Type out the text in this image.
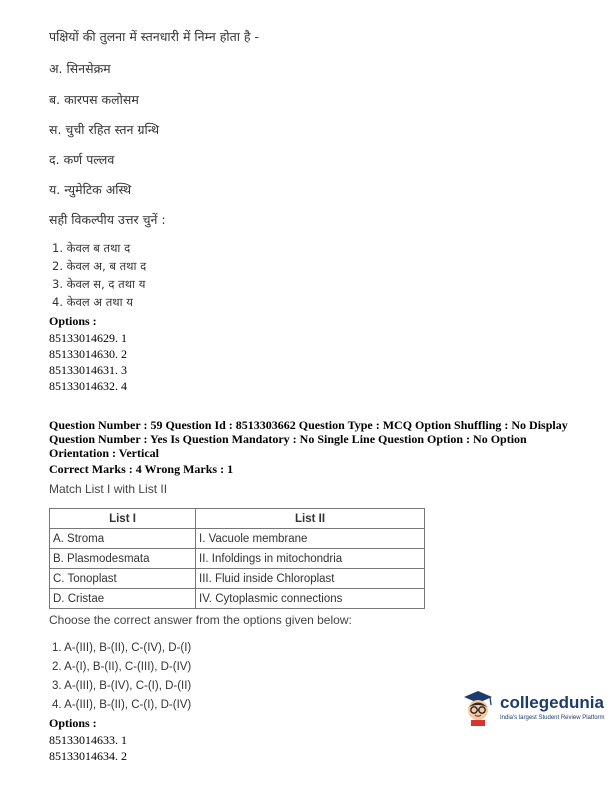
पक्षियों की तुलना में स्तनधारी में निम्न होता है -
अ. सिनसेक्रम
ब. कारपस कलोसम
स. चुची रहित स्तन ग्रन्थि
द. कर्ण पल्लव
य. न्युमेटिक अस्थि
सही विकल्पीय उत्तर चुनें :
1. केवल ब तथा द
2. केवल अ, ब तथा द
3. केवल स, द तथा य
4. केवल अ तथा य
Options :
85133014629. 1
85133014630. 2
85133014631. 3
85133014632. 4
Question Number : 59 Question Id : 8513303662 Question Type : MCQ Option Shuffling : No Display Question Number : Yes Is Question Mandatory : No Single Line Question Option : No Option Orientation : Vertical
Correct Marks : 4 Wrong Marks : 1
Match List I with List II
List I	List II
A. Stroma	I. Vacuole membrane
B. Plasmodesmata	II. Infoldings in mitochondria
C. Tonoplast	III. Fluid inside Chloroplast
D. Cristae	IV. Cytoplasmic connections
Choose the correct answer from the options given below:
1. A-(III), B-(II), C-(IV), D-(I)
2. A-(I), B-(II), C-(III), D-(IV)
3. A-(III), B-(IV), C-(I), D-(II)
4. A-(III), B-(II), C-(I), D-(IV)
Options :
85133014633. 1
85133014634. 2
collegedunia
India's largest Student Review Platform
